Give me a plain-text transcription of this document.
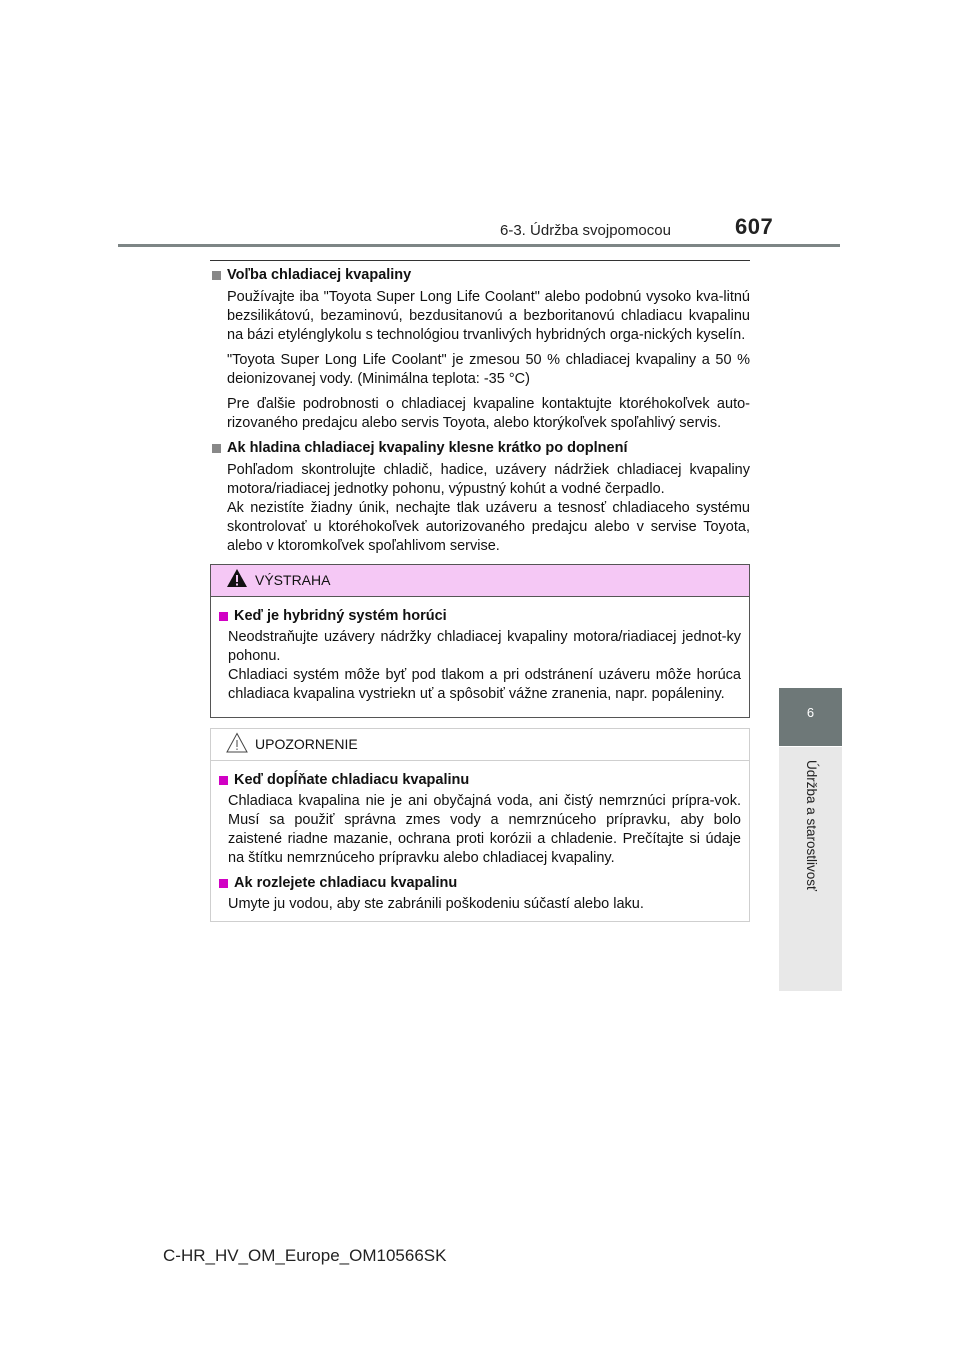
6-3. Údržba svojpomocou	607
6
Údržba a starostlivosť
Voľba chladiacej kvapaliny

Používajte iba "Toyota Super Long Life Coolant" alebo podobnú vysoko kva-litnú bezsilikátovú, bezaminovú, bezdusitanovú a bezboritanovú chladiacu kvapalinu na bázi etylénglykolu s technológiou trvanlivých hybridných orga-nických kyselín.

"Toyota Super Long Life Coolant" je zmesou 50 % chladiacej kvapaliny a 50 % deionizovanej vody. (Minimálna teplota: -35 °C)

Pre ďalšie podrobnosti o chladiacej kvapaline kontaktujte ktoréhokoľvek auto-rizovaného predajcu alebo servis Toyota, alebo ktorýkoľvek spoľahlivý servis.

Ak hladina chladiacej kvapaliny klesne krátko po doplnení

Pohľadom skontrolujte chladič, hadice, uzávery nádržiek chladiacej kvapaliny motora/riadiacej jednotky pohonu, výpustný kohút a vodné čerpadlo.

Ak nezistíte žiadny únik, nechajte tlak uzáveru a tesnosť chladiaceho systému skontrolovať u ktoréhokoľvek autorizovaného predajcu alebo v servise Toyota, alebo v ktoromkoľvek spoľahlivom servise.

VÝSTRAHA
Keď je hybridný systém horúci

Neodstraňujte uzávery nádržky chladiacej kvapaliny motora/riadiacej jednot-ky pohonu.

Chladiaci systém môže byť pod tlakom a pri odstránení uzáveru môže horúca chladiaca kvapalina vystriekn uť a spôsobiť vážne zranenia, napr. popáleniny.

UPOZORNENIE
Keď dopĺňate chladiacu kvapalinu

Chladiaca kvapalina nie je ani obyčajná voda, ani čistý nemrznúci prípra-vok. Musí sa použiť správna zmes vody a nemrznúceho prípravku, aby bolo zaistené riadne mazanie, ochrana proti korózii a chladenie. Prečítajte si údaje na štítku nemrznúceho prípravku alebo chladiacej kvapaliny.

Ak rozlejete chladiacu kvapalinu

Umyte ju vodou, aby ste zabránili poškodeniu súčastí alebo laku.

C-HR_HV_OM_Europe_OM10566SK
